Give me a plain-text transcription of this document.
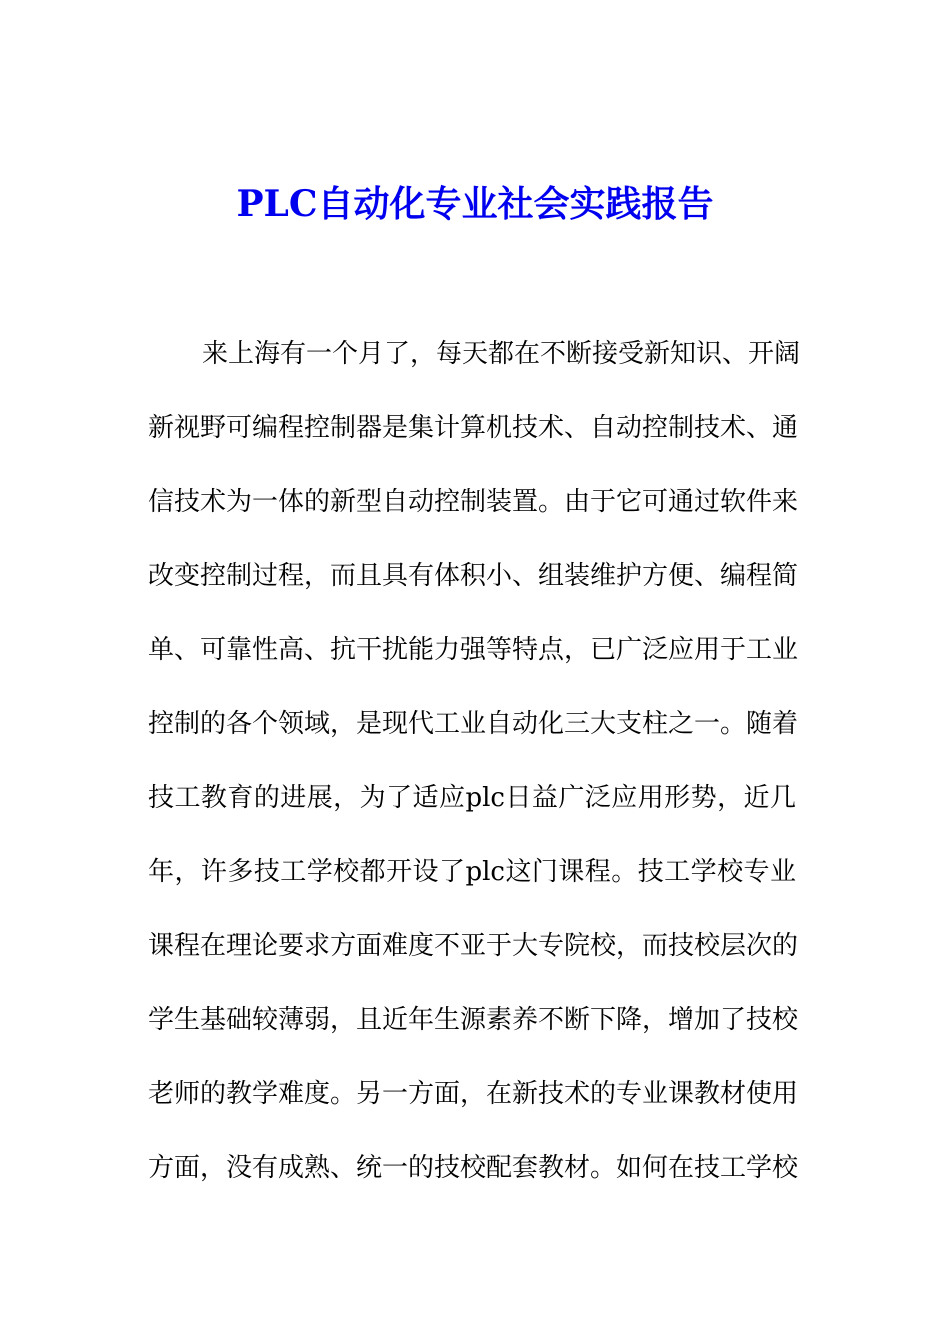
PLC自动化专业社会实践报告
来上海有一个月了，每天都在不断接受新知识、开阔
新视野可编程控制器是集计算机技术、自动控制技术、通
信技术为一体的新型自动控制装置。由于它可通过软件来
改变控制过程，而且具有体积小、组装维护方便、编程简
单、可靠性高、抗干扰能力强等特点，已广泛应用于工业
控制的各个领域，是现代工业自动化三大支柱之一。随着
技工教育的进展，为了适应plc日益广泛应用形势，近几
年，许多技工学校都开设了plc这门课程。技工学校专业
课程在理论要求方面难度不亚于大专院校，而技校层次的
学生基础较薄弱，且近年生源素养不断下降，增加了技校
老师的教学难度。另一方面，在新技术的专业课教材使用
方面，没有成熟、统一的技校配套教材。如何在技工学校
